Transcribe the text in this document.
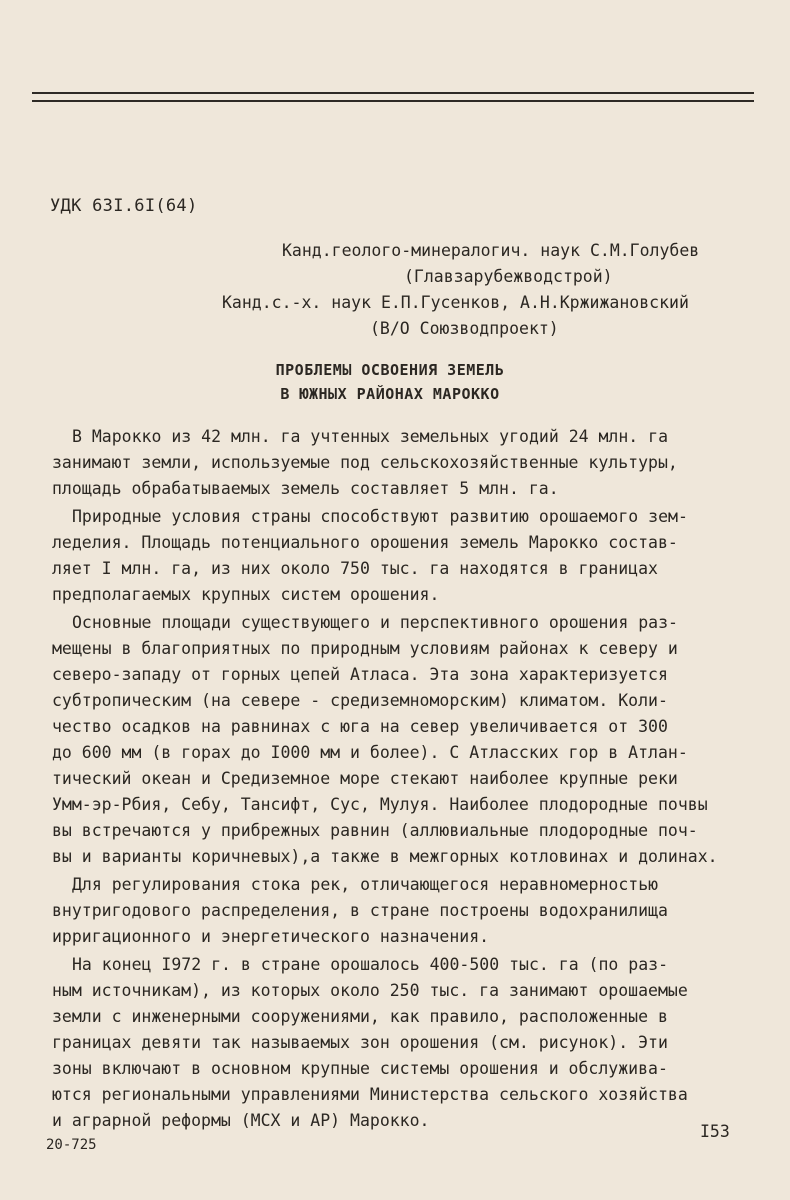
УДК 63I.6I(64)
Канд.геолого-минералогич. наук С.М.Голубев
(Главзарубежводстрой)
Канд.с.-х. наук Е.П.Гусенков, А.Н.Кржижановский
(В/О Союзводпроект)
ПРОБЛЕМЫ ОСВОЕНИЯ ЗЕМЕЛЬ
В ЮЖНЫХ РАЙОНАХ МАРОККО
В Марокко из 42 млн. га учтенных земельных угодий 24 млн. га
занимают земли, используемые под сельскохозяйственные культуры,
площадь обрабатываемых земель составляет 5 млн. га.
Природные условия страны способствуют развитию орошаемого зем-
леделия. Площадь потенциального орошения земель Марокко состав-
ляет I млн. га, из них около 750 тыс. га находятся в границах
предполагаемых крупных систем орошения.
Основные площади существующего и перспективного орошения раз-
мещены в благоприятных по природным условиям районах к северу и
северо-западу от горных цепей Атласа. Эта зона характеризуется
субтропическим (на севере - средиземноморским) климатом. Коли-
чество осадков на равнинах с юга на север увеличивается от 300
до 600 мм (в горах до I000 мм и более). С Атласских гор в Атлан-
тический океан и Средиземное море стекают наиболее крупные реки
Умм-эр-Рбия, Себу, Тансифт, Сус, Мулуя. Наиболее плодородные почвы
вы встречаются у прибрежных равнин (аллювиальные плодородные поч-
вы и варианты коричневых),а также в межгорных котловинах и долинах.
Для регулирования стока рек, отличающегося неравномерностью
внутригодового распределения, в стране построены водохранилища
ирригационного и энергетического назначения.
На конец I972 г. в стране орошалось 400-500 тыс. га (по раз-
ным источникам), из которых около 250 тыс. га занимают орошаемые
земли с инженерными сооружениями, как правило, расположенные в
границах девяти так называемых зон орошения (см. рисунок). Эти
зоны включают в основном крупные системы орошения и обслужива-
ются региональными управлениями Министерства сельского хозяйства
и аграрной реформы (МСХ и АР) Марокко.
20-725
I53
